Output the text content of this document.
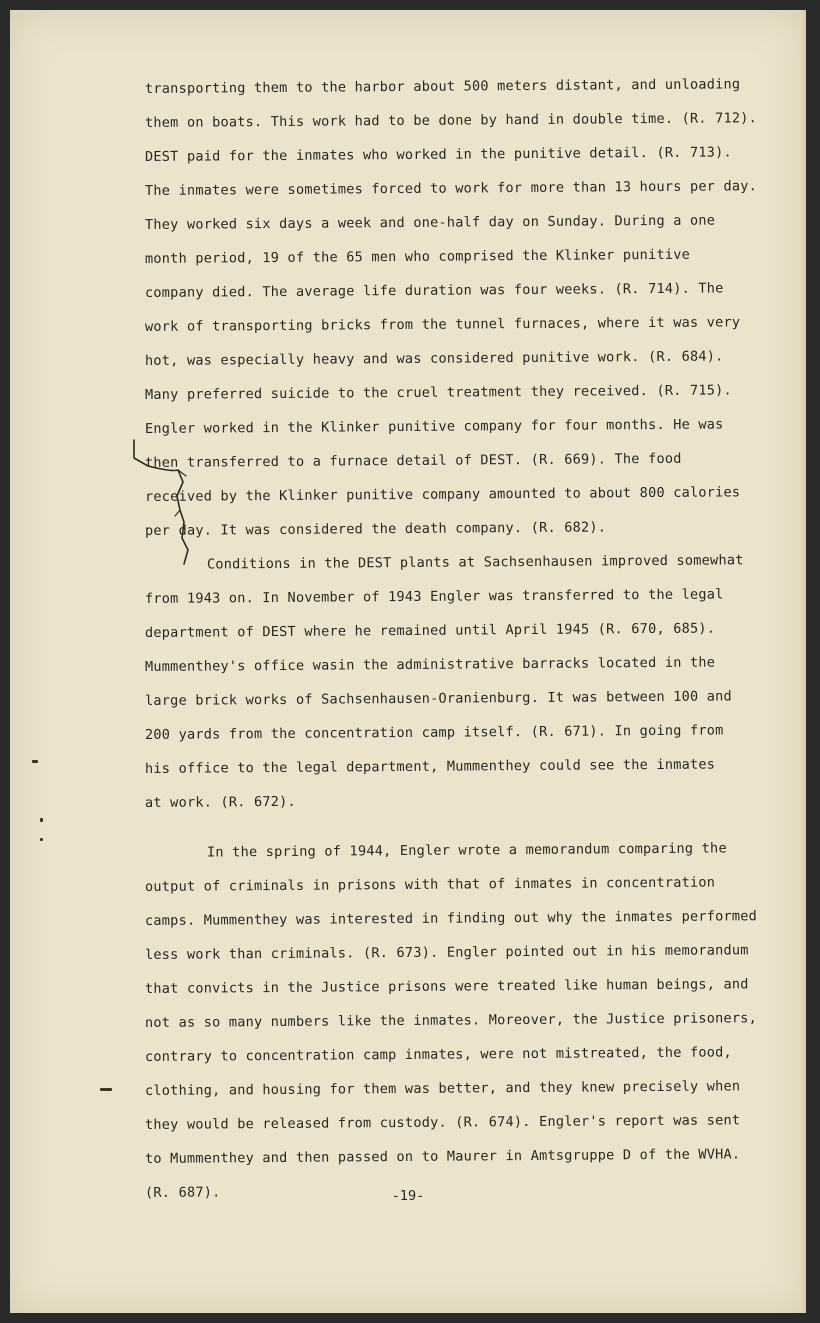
transporting them to the harbor about 500 meters distant, and unloading
them on boats. This work had to be done by hand in double time. (R. 712).
DEST paid for the inmates who worked in the punitive detail. (R. 713).
The inmates were sometimes forced to work for more than 13 hours per day.
They worked six days a week and one-half day on Sunday. During a one
month period, 19 of the 65 men who comprised the Klinker punitive
company died. The average life duration was four weeks. (R. 714). The
work of transporting bricks from the tunnel furnaces, where it was very
hot, was especially heavy and was considered punitive work. (R. 684).
Many preferred suicide to the cruel treatment they received. (R. 715).
Engler worked in the Klinker punitive company for four months. He was
then transferred to a furnace detail of DEST. (R. 669). The food
received by the Klinker punitive company amounted to about 800 calories
per day. It was considered the death company. (R. 682).
Conditions in the DEST plants at Sachsenhausen improved somewhat
from 1943 on. In November of 1943 Engler was transferred to the legal
department of DEST where he remained until April 1945 (R. 670, 685).
Mummenthey's office wasin the administrative barracks located in the
large brick works of Sachsenhausen-Oranienburg. It was between 100 and
200 yards from the concentration camp itself. (R. 671). In going from
his office to the legal department, Mummenthey could see the inmates
at work. (R. 672).
In the spring of 1944, Engler wrote a memorandum comparing the
output of criminals in prisons with that of inmates in concentration
camps. Mummenthey was interested in finding out why the inmates performed
less work than criminals. (R. 673). Engler pointed out in his memorandum
that convicts in the Justice prisons were treated like human beings, and
not as so many numbers like the inmates. Moreover, the Justice prisoners,
contrary to concentration camp inmates, were not mistreated, the food,
clothing, and housing for them was better, and they knew precisely when
they would be released from custody. (R. 674). Engler's report was sent
to Mummenthey and then passed on to Maurer in Amtsgruppe D of the WVHA.
(R. 687).	-19-
